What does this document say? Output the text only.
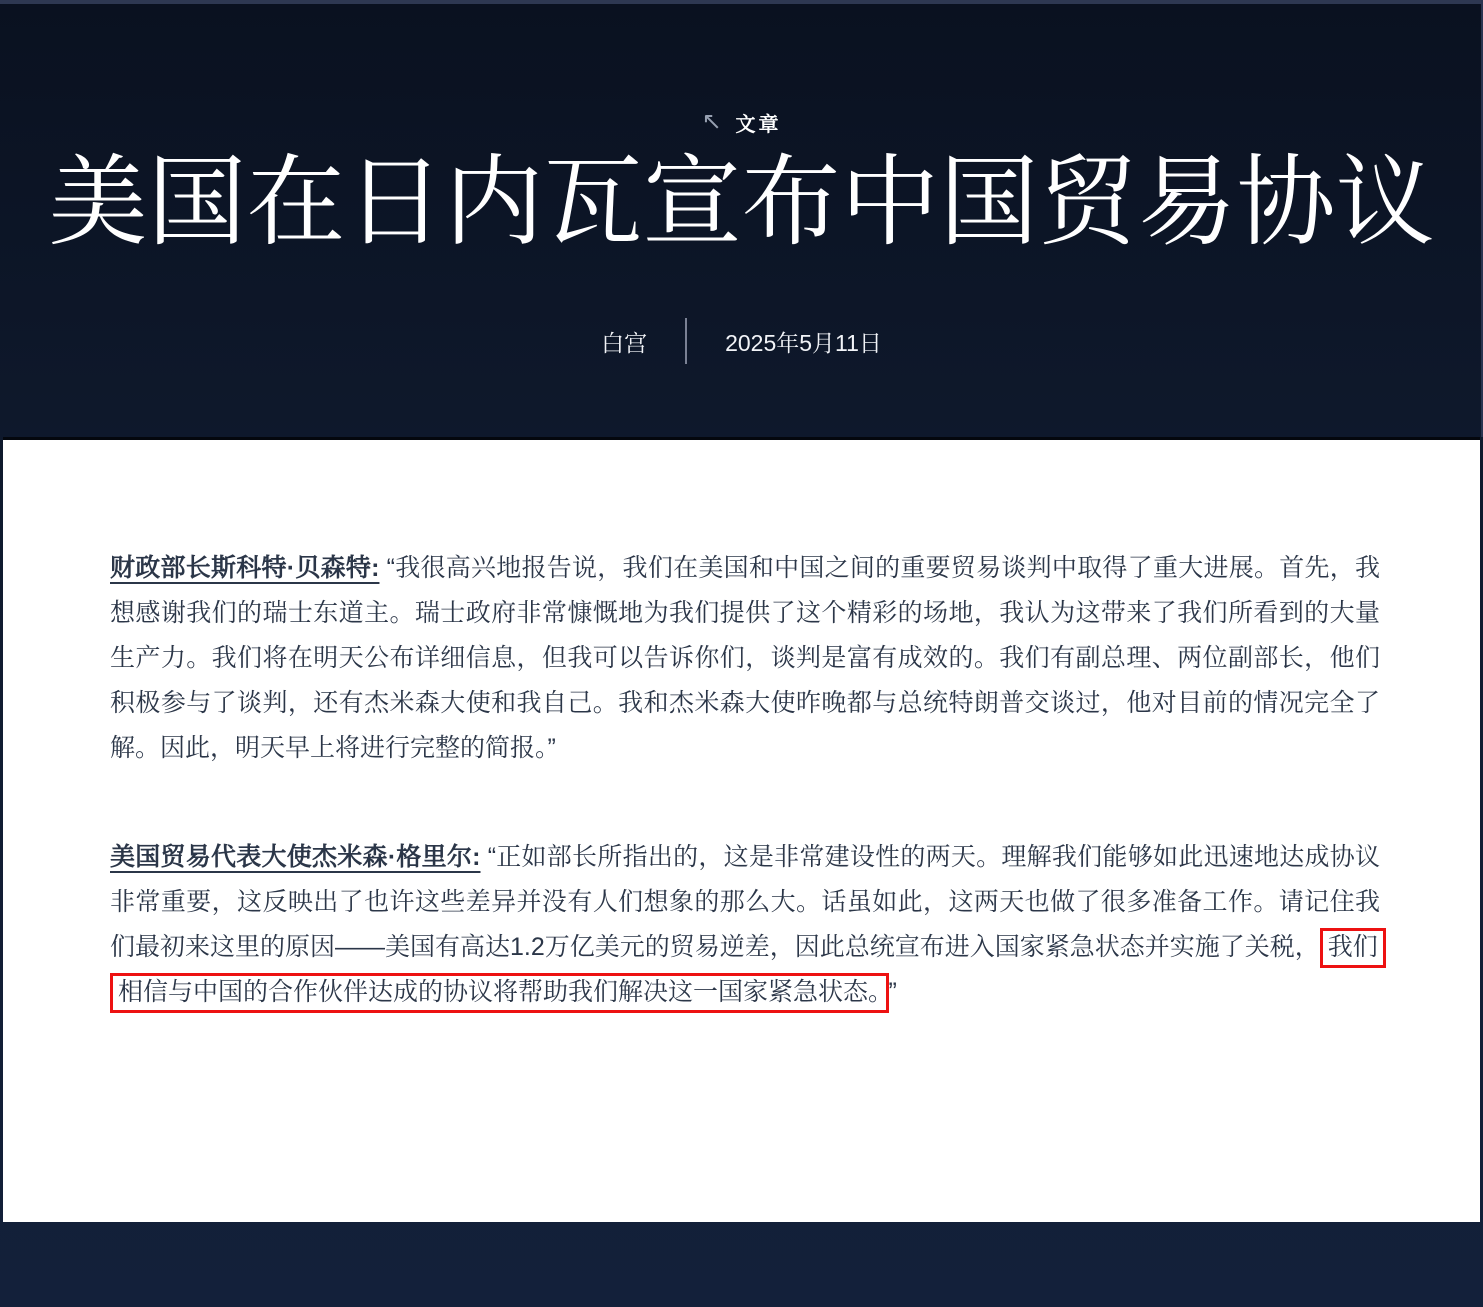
↖ 文章
美国在日内瓦宣布中国贸易协议
白宫	2025年5月11日

财政部长斯科特·贝森特: “我很高兴地报告说，我们在美国和中国之间的重要贸易谈判中取得了重大进展。首先，我想感谢我们的瑞士东道主。瑞士政府非常慷慨地为我们提供了这个精彩的场地，我认为这带来了我们所看到的大量生产力。我们将在明天公布详细信息，但我可以告诉你们，谈判是富有成效的。我们有副总理、两位副部长，他们积极参与了谈判，还有杰米森大使和我自己。我和杰米森大使昨晚都与总统特朗普交谈过，他对目前的情况完全了解。因此，明天早上将进行完整的简报。”

美国贸易代表大使杰米森·格里尔: “正如部长所指出的，这是非常建设性的两天。理解我们能够如此迅速地达成协议非常重要，这反映出了也许这些差异并没有人们想象的那么大。话虽如此，这两天也做了很多准备工作。请记住我们最初来这里的原因——美国有高达1.2万亿美元的贸易逆差，因此总统宣布进入国家紧急状态并实施了关税， 我们相信与中国的合作伙伴达成的协议将帮助我们解决这一国家紧急状态。 ”
